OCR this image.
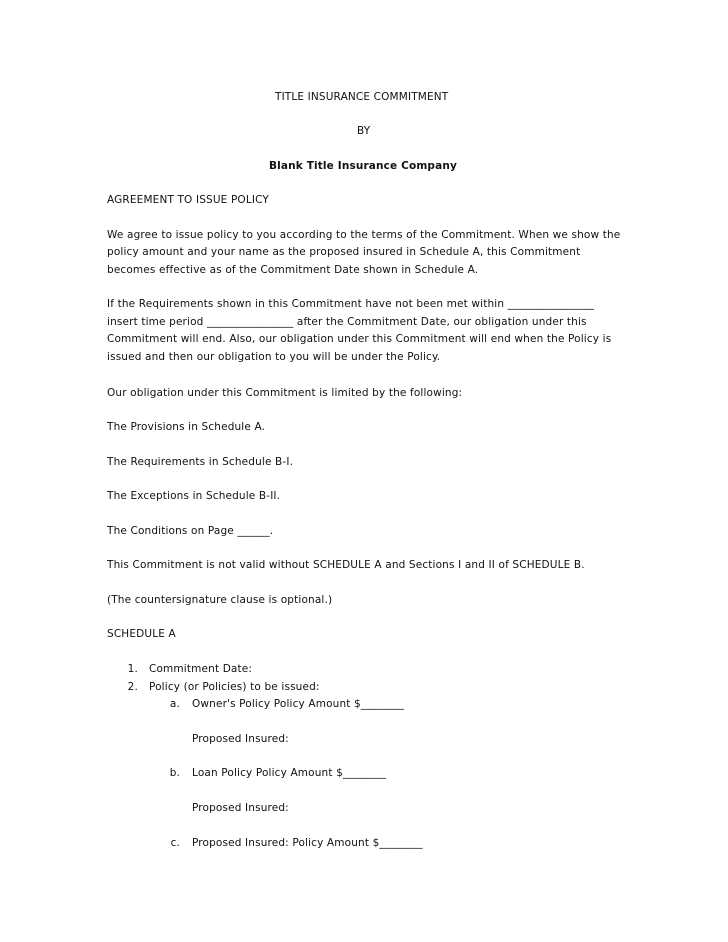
TITLE INSURANCE COMMITMENT
BY
Blank Title Insurance Company
AGREEMENT TO ISSUE POLICY
We agree to issue policy to you according to the terms of the Commitment. When we show the
policy amount and your name as the proposed insured in Schedule A, this Commitment
becomes effective as of the Commitment Date shown in Schedule A.
If the Requirements shown in this Commitment have not been met within ________________
insert time period ________________ after the Commitment Date, our obligation under this
Commitment will end. Also, our obligation under this Commitment will end when the Policy is
issued and then our obligation to you will be under the Policy.
Our obligation under this Commitment is limited by the following:
The Provisions in Schedule A.
The Requirements in Schedule B-I.
The Exceptions in Schedule B-II.
The Conditions on Page ______.
This Commitment is not valid without SCHEDULE A and Sections I and II of SCHEDULE B.
(The countersignature clause is optional.)
SCHEDULE A
1. Commitment Date:
2. Policy (or Policies) to be issued:
a. Owner's Policy Policy Amount $________
Proposed Insured:
b. Loan Policy Policy Amount $________
Proposed Insured:
c. Proposed Insured: Policy Amount $________
